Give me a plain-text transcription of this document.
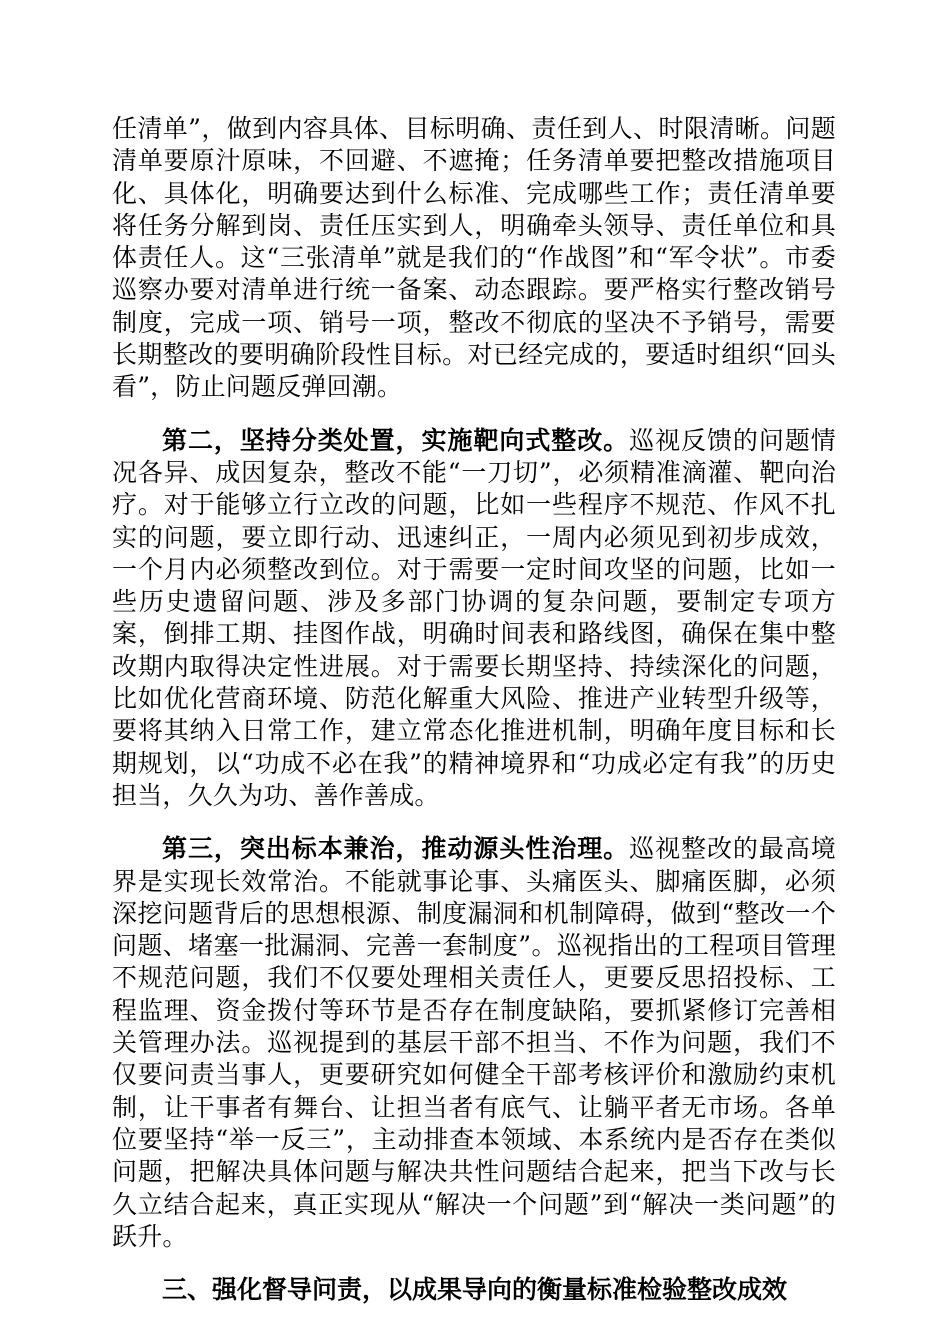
任清单”，做到内容具体、目标明确、责任到人、时限清晰。问题清单要原汁原味，不回避、不遮掩；任务清单要把整改措施项目化、具体化，明确要达到什么标准、完成哪些工作；责任清单要将任务分解到岗、责任压实到人，明确牵头领导、责任单位和具体责任人。这“三张清单”就是我们的“作战图”和“军令状”。市委巡察办要对清单进行统一备案、动态跟踪。要严格实行整改销号制度，完成一项、销号一项，整改不彻底的坚决不予销号，需要长期整改的要明确阶段性目标。对已经完成的，要适时组织“回头看”，防止问题反弹回潮。

第二，坚持分类处置，实施靶向式整改。巡视反馈的问题情况各异、成因复杂，整改不能“一刀切”，必须精准滴灌、靶向治疗。对于能够立行立改的问题，比如一些程序不规范、作风不扎实的问题，要立即行动、迅速纠正，一周内必须见到初步成效，一个月内必须整改到位。对于需要一定时间攻坚的问题，比如一些历史遗留问题、涉及多部门协调的复杂问题，要制定专项方案，倒排工期、挂图作战，明确时间表和路线图，确保在集中整改期内取得决定性进展。对于需要长期坚持、持续深化的问题，比如优化营商环境、防范化解重大风险、推进产业转型升级等，要将其纳入日常工作，建立常态化推进机制，明确年度目标和长期规划，以“功成不必在我”的精神境界和“功成必定有我”的历史担当，久久为功、善作善成。

第三，突出标本兼治，推动源头性治理。巡视整改的最高境界是实现长效常治。不能就事论事、头痛医头、脚痛医脚，必须深挖问题背后的思想根源、制度漏洞和机制障碍，做到“整改一个问题、堵塞一批漏洞、完善一套制度”。巡视指出的工程项目管理不规范问题，我们不仅要处理相关责任人，更要反思招投标、工程监理、资金拨付等环节是否存在制度缺陷，要抓紧修订完善相关管理办法。巡视提到的基层干部不担当、不作为问题，我们不仅要问责当事人，更要研究如何健全干部考核评价和激励约束机制，让干事者有舞台、让担当者有底气、让躺平者无市场。各单位要坚持“举一反三”，主动排查本领域、本系统内是否存在类似问题，把解决具体问题与解决共性问题结合起来，把当下改与长久立结合起来，真正实现从“解决一个问题”到“解决一类问题”的跃升。

三、强化督导问责，以成果导向的衡量标准检验整改成效
